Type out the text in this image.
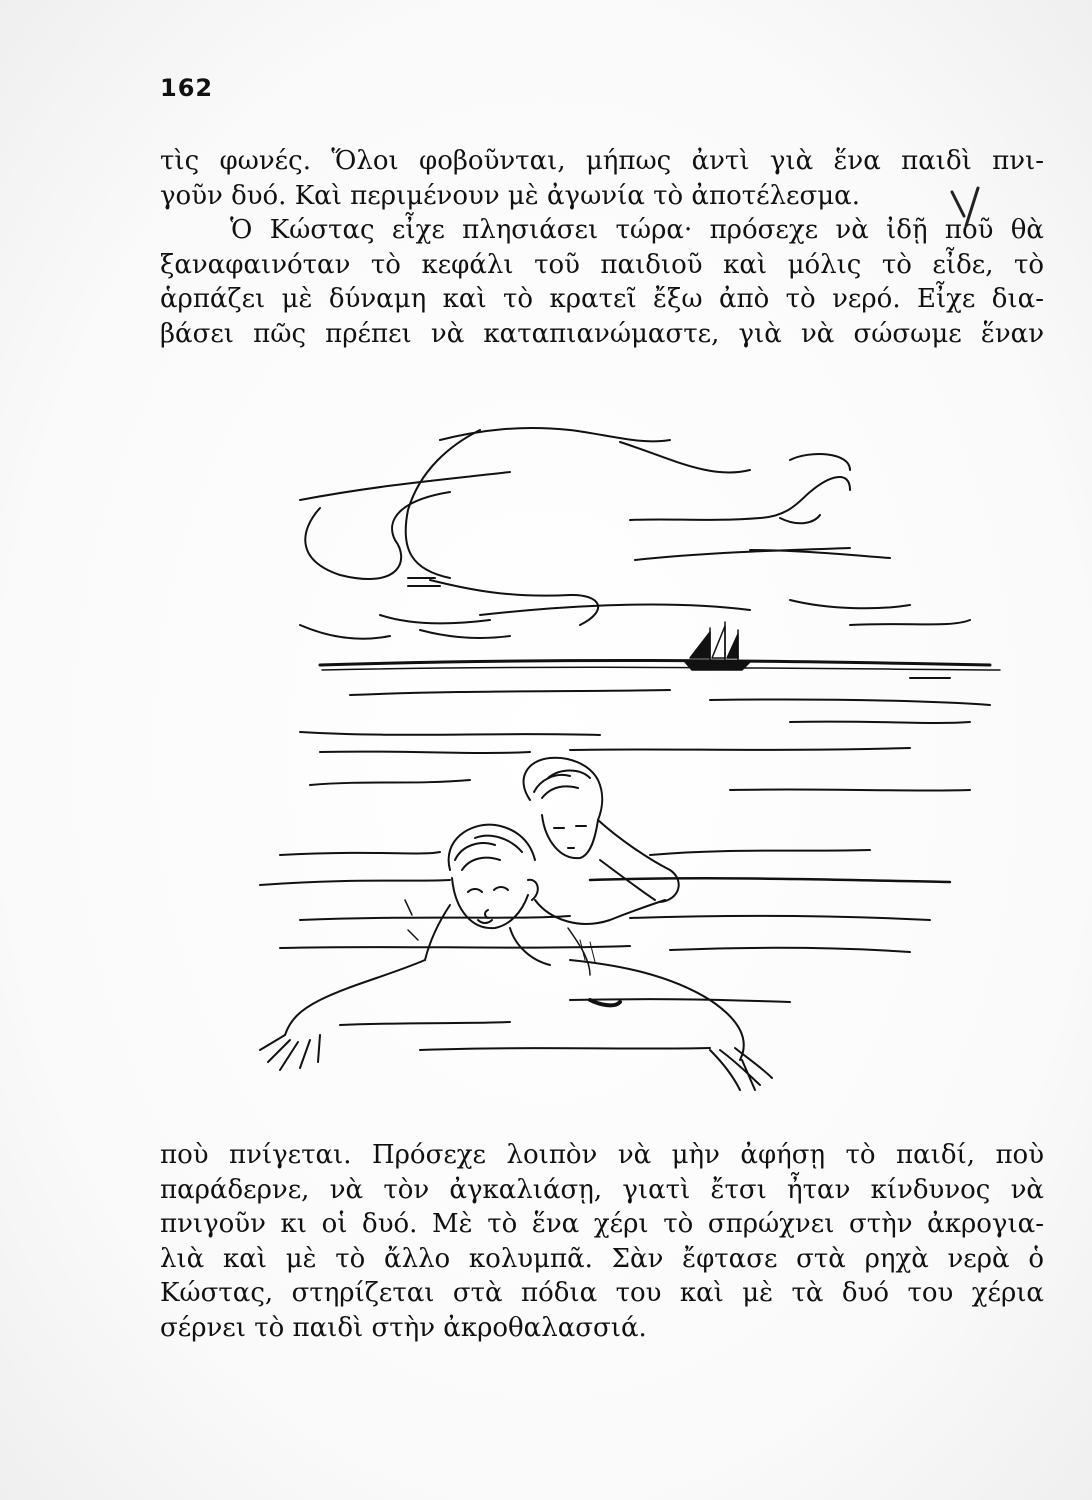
162
τὶς φωνές. Ὅλοι φοβοῦνται, μήπως ἀντὶ γιὰ ἕνα παιδὶ πνι-
γοῦν δυό. Καὶ περιμένουν μὲ ἀγωνία τὸ ἀποτέλεσμα.
Ὁ Κώστας εἶχε πλησιάσει τώρα· πρόσεχε νὰ ἰδῇ ποῦ θὰ
ξαναφαινόταν τὸ κεφάλι τοῦ παιδιοῦ καὶ μόλις τὸ εἶδε, τὸ
ἁρπάζει μὲ δύναμη καὶ τὸ κρατεῖ ἔξω ἀπὸ τὸ νερό. Εἶχε δια-
βάσει πῶς πρέπει νὰ καταπιανώμαστε, γιὰ νὰ σώσωμε ἕναν
ποὺ πνίγεται. Πρόσεχε λοιπὸν νὰ μὴν ἀφήσῃ τὸ παιδί, ποὺ
παράδερνε, νὰ τὸν ἀγκαλιάσῃ, γιατὶ ἔτσι ἦταν κίνδυνος νὰ
πνιγοῦν κι οἱ δυό. Μὲ τὸ ἕνα χέρι τὸ σπρώχνει στὴν ἀκρογια-
λιὰ καὶ μὲ τὸ ἄλλο κολυμπᾶ. Σὰν ἔφτασε στὰ ρηχὰ νερὰ ὁ
Κώστας, στηρίζεται στὰ πόδια του καὶ μὲ τὰ δυό του χέρια
σέρνει τὸ παιδὶ στὴν ἀκροθαλασσιά.
